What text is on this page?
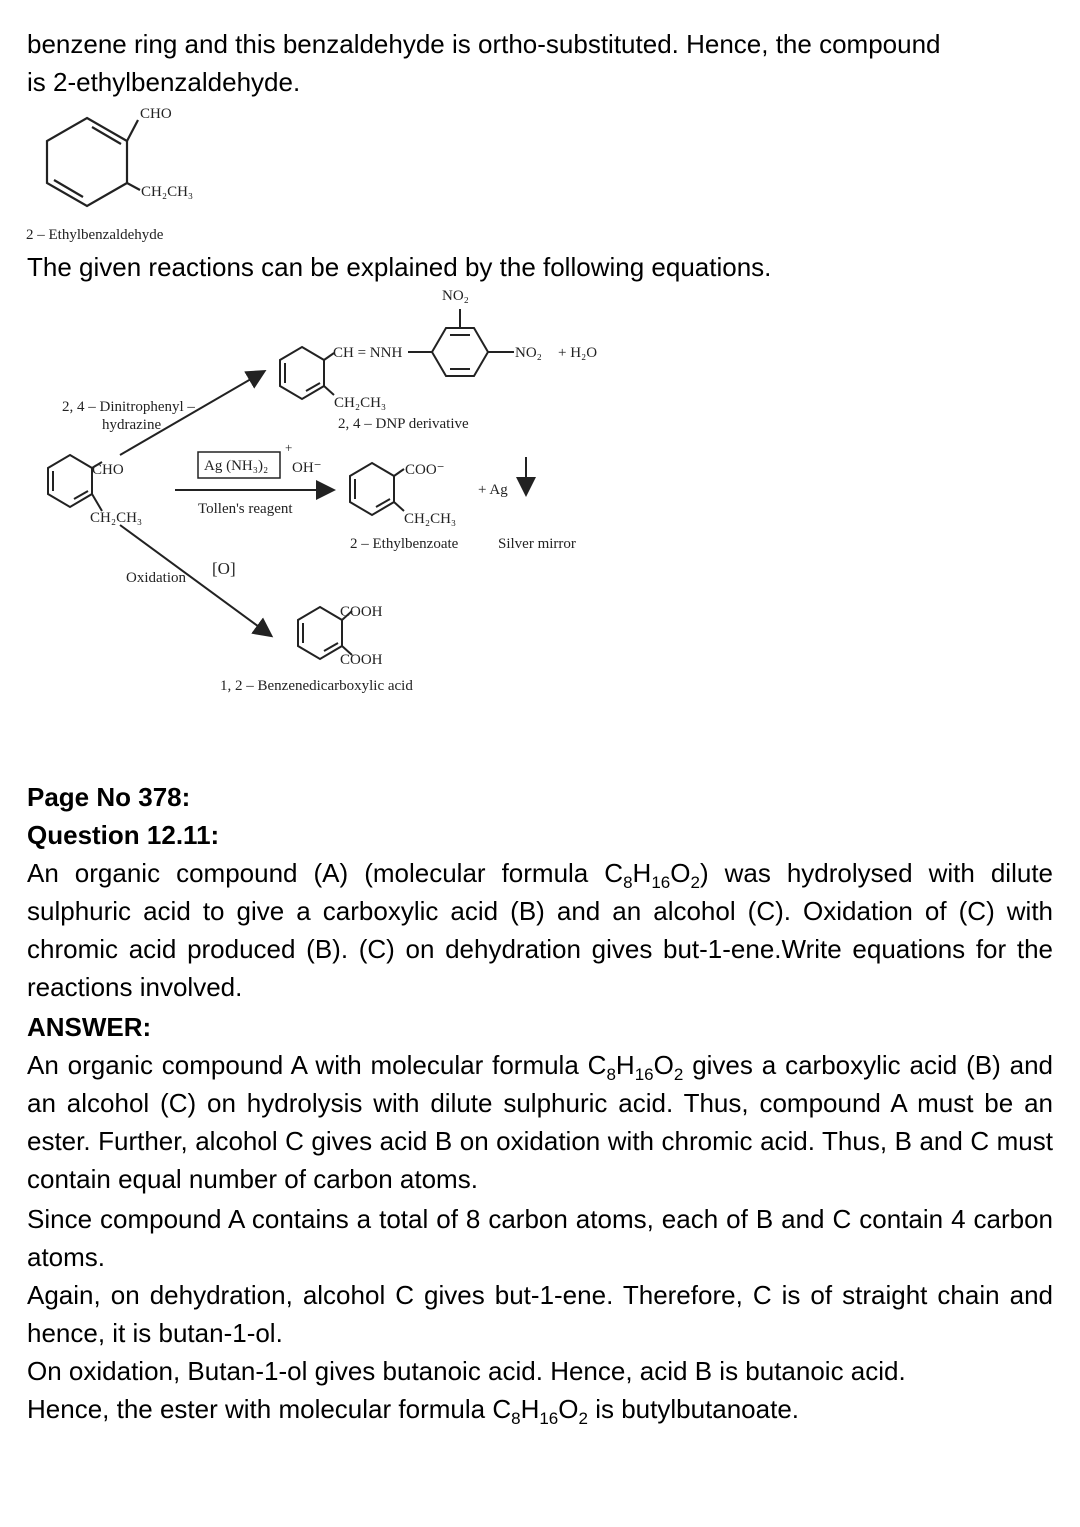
benzene ring and this benzaldehyde is ortho-substituted. Hence, the compound
is 2-ethylbenzaldehyde.
CHO
CH₂CH₃
2 – Ethylbenzaldehyde
The given reactions can be explained by the following equations.
CHO
CH₂CH₃
2, 4 – Dinitrophenyl –
hydrazine
CH = NNH
NO₂
NO₂ + H₂O
CH₂CH₃
2, 4 – DNP derivative
Ag (NH₃)₂
+
OH⁻
Tollen's reagent
COO⁻
CH₂CH₃
2 – Ethylbenzoate
+ Ag
Silver mirror
Oxidation [O]
COOH
COOH
1, 2 – Benzenedicarboxylic acid
Page No 378:
Question 12.11:
An organic compound (A) (molecular formula $C_8H_{16}O_2$) was hydrolysed with dilute sulphuric acid to give a carboxylic acid (B) and an alcohol (C). Oxidation of (C) with chromic acid produced (B). (C) on dehydration gives but-1-ene.Write equations for the reactions involved.
ANSWER:
An organic compound A with molecular formula $C_8H_{16}O_2$ gives a carboxylic acid (B) and an alcohol (C) on hydrolysis with dilute sulphuric acid. Thus, compound A must be an ester. Further, alcohol C gives acid B on oxidation with chromic acid. Thus, B and C must contain equal number of carbon atoms.
Since compound A contains a total of 8 carbon atoms, each of B and C contain 4 carbon atoms.
Again, on dehydration, alcohol C gives but-1-ene. Therefore, C is of straight chain and hence, it is butan-1-ol.
On oxidation, Butan-1-ol gives butanoic acid. Hence, acid B is butanoic acid.
Hence, the ester with molecular formula $C_8H_{16}O_2$ is butylbutanoate.
